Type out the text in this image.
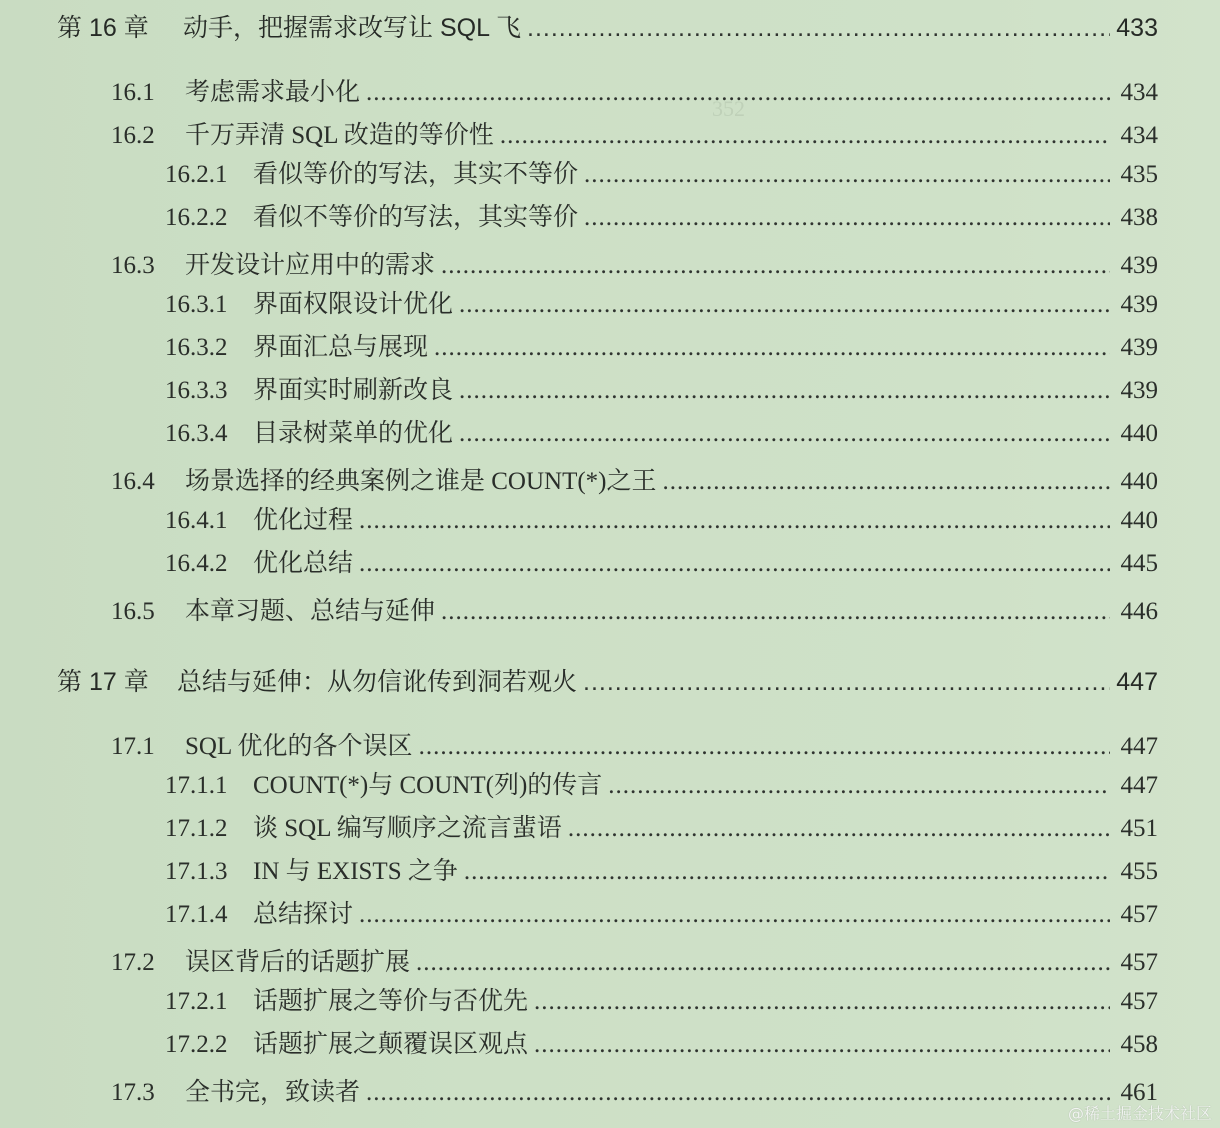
352
第 16 章	动手，把握需求改写让 SQL 飞 .....	433
16.1	考虑需求最小化 .....	434
16.2	千万弄清 SQL 改造的等价性 .....	434
16.2.1	看似等价的写法，其实不等价 .....	435
16.2.2	看似不等价的写法，其实等价 .....	438
16.3	开发设计应用中的需求 .....	439
16.3.1	界面权限设计优化 .....	439
16.3.2	界面汇总与展现 .....	439
16.3.3	界面实时刷新改良 .....	439
16.3.4	目录树菜单的优化 .....	440
16.4	场景选择的经典案例之谁是 COUNT(*)之王 .....	440
16.4.1	优化过程 .....	440
16.4.2	优化总结 .....	445
16.5	本章习题、总结与延伸 .....	446
第 17 章	总结与延伸：从勿信讹传到洞若观火 .....	447
17.1	SQL 优化的各个误区 .....	447
17.1.1	COUNT(*)与 COUNT(列)的传言 .....	447
17.1.2	谈 SQL 编写顺序之流言蜚语 .....	451
17.1.3	IN 与 EXISTS 之争 .....	455
17.1.4	总结探讨 .....	457
17.2	误区背后的话题扩展 .....	457
17.2.1	话题扩展之等价与否优先 .....	457
17.2.2	话题扩展之颠覆误区观点 .....	458
17.3	全书完，致读者 .....	461
@稀土掘金技术社区
